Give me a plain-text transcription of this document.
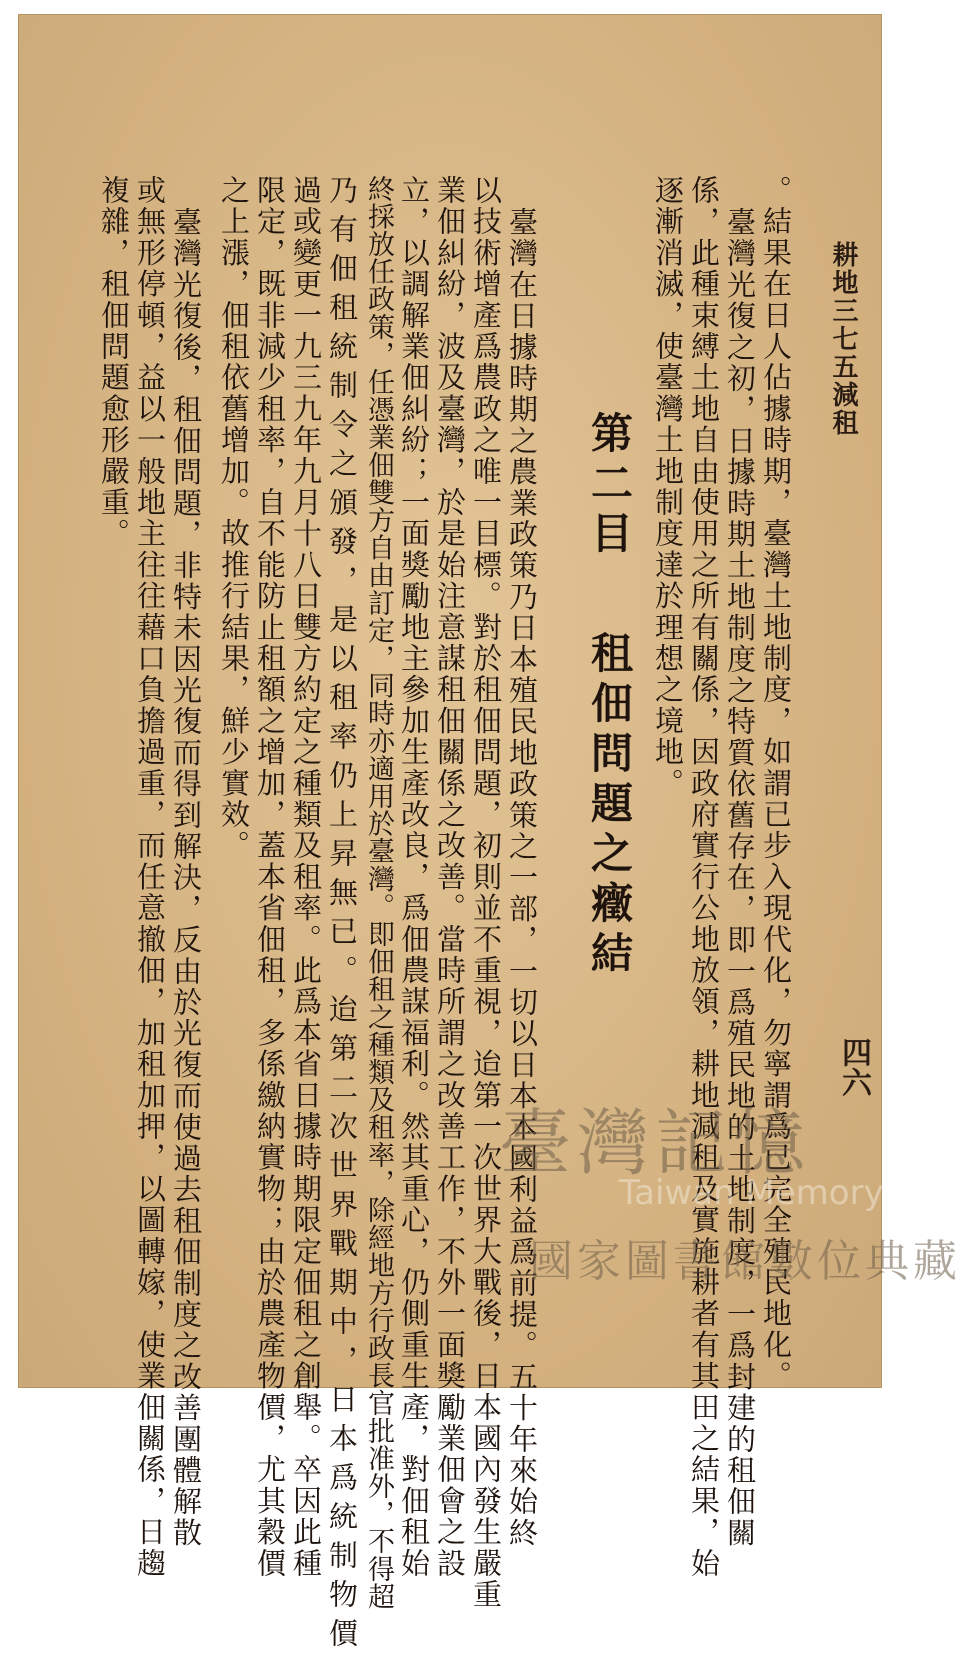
耕地三七五減租
四六
。結果在日人佔據時期，臺灣土地制度，如謂已步入現代化，勿寧謂爲已完全殖民地化。
臺灣光復之初，日據時期土地制度之特質依舊存在，即一爲殖民地的土地制度，一爲封建的租佃關
係，此種束縛土地自由使用之所有關係，因政府實行公地放領，耕地減租及實施耕者有其田之結果，始
逐漸消滅，使臺灣土地制度達於理想之境地。
第二目租佃問題之癥結
臺灣在日據時期之農業政策乃日本殖民地政策之一部，一切以日本本國利益爲前提。五十年來始終
以技術增產爲農政之唯一目標。對於租佃問題，初則並不重視，迨第一次世界大戰後，日本國內發生嚴重
業佃糾紛，波及臺灣，於是始注意謀租佃關係之改善。當時所謂之改善工作，不外一面獎勵業佃會之設
立，以調解業佃糾紛；一面獎勵地主參加生產改良，爲佃農謀福利。然其重心，仍側重生產，對佃租始
終採放任政策，任憑業佃雙方自由訂定，同時亦適用於臺灣。即佃租之種類及租率，除經地方行政長官批准外，不得超
乃有佃租統制令之頒發，是以租率仍上昇無已。迨第二次世界戰期中，日本爲統制物價
過或變更一九三九年九月十八日雙方約定之種類及租率。此爲本省日據時期限定佃租之創舉。卒因此種
限定，既非減少租率，自不能防止租額之增加，蓋本省佃租，多係繳納實物；由於農產物價，尤其穀價
之上漲，佃租依舊增加。故推行結果，鮮少實效。
臺灣光復後，租佃問題，非特未因光復而得到解決，反由於光復而使過去租佃制度之改善團體解散
或無形停頓，益以一般地主往往藉口負擔過重，而任意撤佃，加租加押，以圖轉嫁，使業佃關係，日趨
複雜，租佃問題愈形嚴重。
臺灣記憶
Taiwan Memory
國家圖書館數位典藏
